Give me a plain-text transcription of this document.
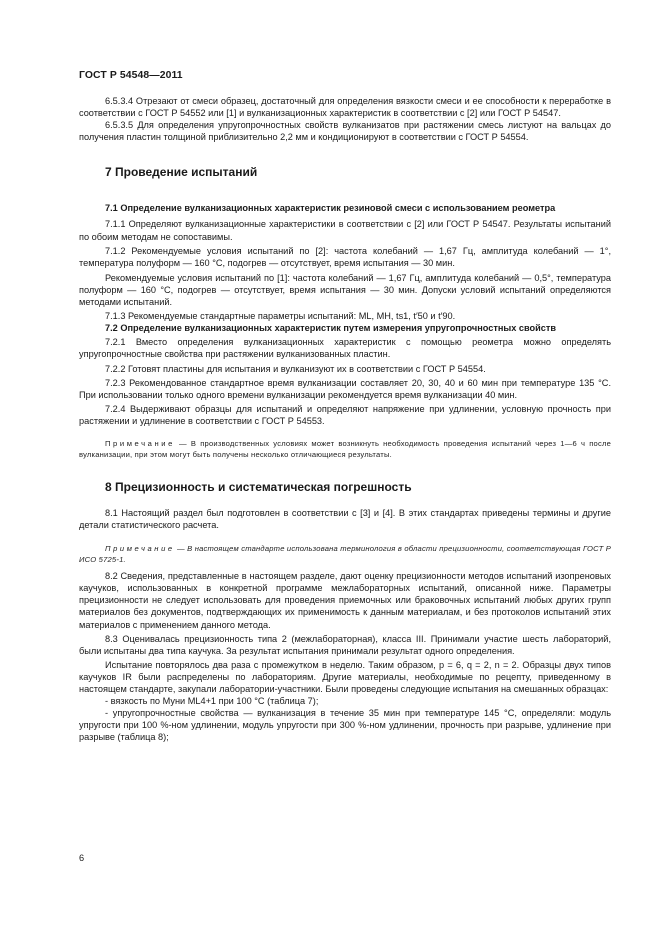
ГОСТ Р 54548—2011

6.5.3.4 Отрезают от смеси образец, достаточный для определения вязкости смеси и ее способности к переработке в соответствии с ГОСТ Р 54552 или [1] и вулканизационных характеристик в соответствии с [2] или ГОСТ Р 54547.

6.5.3.5 Для определения упругопрочностных свойств вулканизатов при растяжении смесь листуют на вальцах до получения пластин толщиной приблизительно 2,2 мм и кондиционируют в соответствии с ГОСТ Р 54554.

7 Проведение испытаний

7.1 Определение вулканизационных характеристик резиновой смеси с использованием реометра

7.1.1 Определяют вулканизационные характеристики в соответствии с [2] или ГОСТ Р 54547. Результаты испытаний по обоим методам не сопоставимы.

7.1.2 Рекомендуемые условия испытаний по [2]: частота колебаний — 1,67 Гц, амплитуда колебаний — 1°, температура полуформ — 160 °С, подогрев — отсутствует, время испытания — 30 мин.

Рекомендуемые условия испытаний по [1]: частота колебаний — 1,67 Гц, амплитуда колебаний — 0,5°, температура полуформ — 160 °С, подогрев — отсутствует, время испытания — 30 мин. Допуски условий испытаний определяются методами испытаний.

7.1.3 Рекомендуемые стандартные параметры испытаний: ML, MH, ts1, t′50 и t′90.

7.2 Определение вулканизационных характеристик путем измерения упругопрочностных свойств

7.2.1 Вместо определения вулканизационных характеристик с помощью реометра можно определять упругопрочностные свойства при растяжении вулканизованных пластин.

7.2.2 Готовят пластины для испытания и вулканизуют их в соответствии с ГОСТ Р 54554.

7.2.3 Рекомендованное стандартное время вулканизации составляет 20, 30, 40 и 60 мин при температуре 135 °С. При использовании только одного времени вулканизации рекомендуется время вулканизации 40 мин.

7.2.4 Выдерживают образцы для испытаний и определяют напряжение при удлинении, условную прочность при растяжении и удлинение в соответствии с ГОСТ Р 54553.

Примечание — В производственных условиях может возникнуть необходимость проведения испытаний через 1—6 ч после вулканизации, при этом могут быть получены несколько отличающиеся результаты.

8 Прецизионность и систематическая погрешность

8.1 Настоящий раздел был подготовлен в соответствии с [3] и [4]. В этих стандартах приведены термины и другие детали статистического расчета.

Примечание — В настоящем стандарте использована терминология в области прецизионности, соответствующая ГОСТ Р ИСО 5725-1.

8.2 Сведения, представленные в настоящем разделе, дают оценку прецизионности методов испытаний изопреновых каучуков, использованных в конкретной программе межлабораторных испытаний, описанной ниже. Параметры прецизионности не следует использовать для проведения приемочных или браковочных испытаний любых других групп материалов без документов, подтверждающих их применимость к данным материалам, и без протоколов испытаний этих материалов с применением данного метода.

8.3 Оценивалась прецизионность типа 2 (межлабораторная), класса III. Принимали участие шесть лабораторий, были испытаны два типа каучука. За результат испытания принимали результат одного определения.

Испытание повторялось два раза с промежутком в неделю. Таким образом, p = 6, q = 2, n = 2. Образцы двух типов каучуков IR были распределены по лабораториям. Другие материалы, необходимые по рецепту, приведенному в настоящем стандарте, закупали лаборатории-участники. Были проведены следующие испытания на смешанных образцах:

- вязкость по Муни ML4+1 при 100 °С (таблица 7);

- упругопрочностные свойства — вулканизация в течение 35 мин при температуре 145 °С, определяли: модуль упругости при 100 %-ном удлинении, модуль упругости при 300 %-ном удлинении, прочность при разрыве, удлинение при разрыве (таблица 8);

6
